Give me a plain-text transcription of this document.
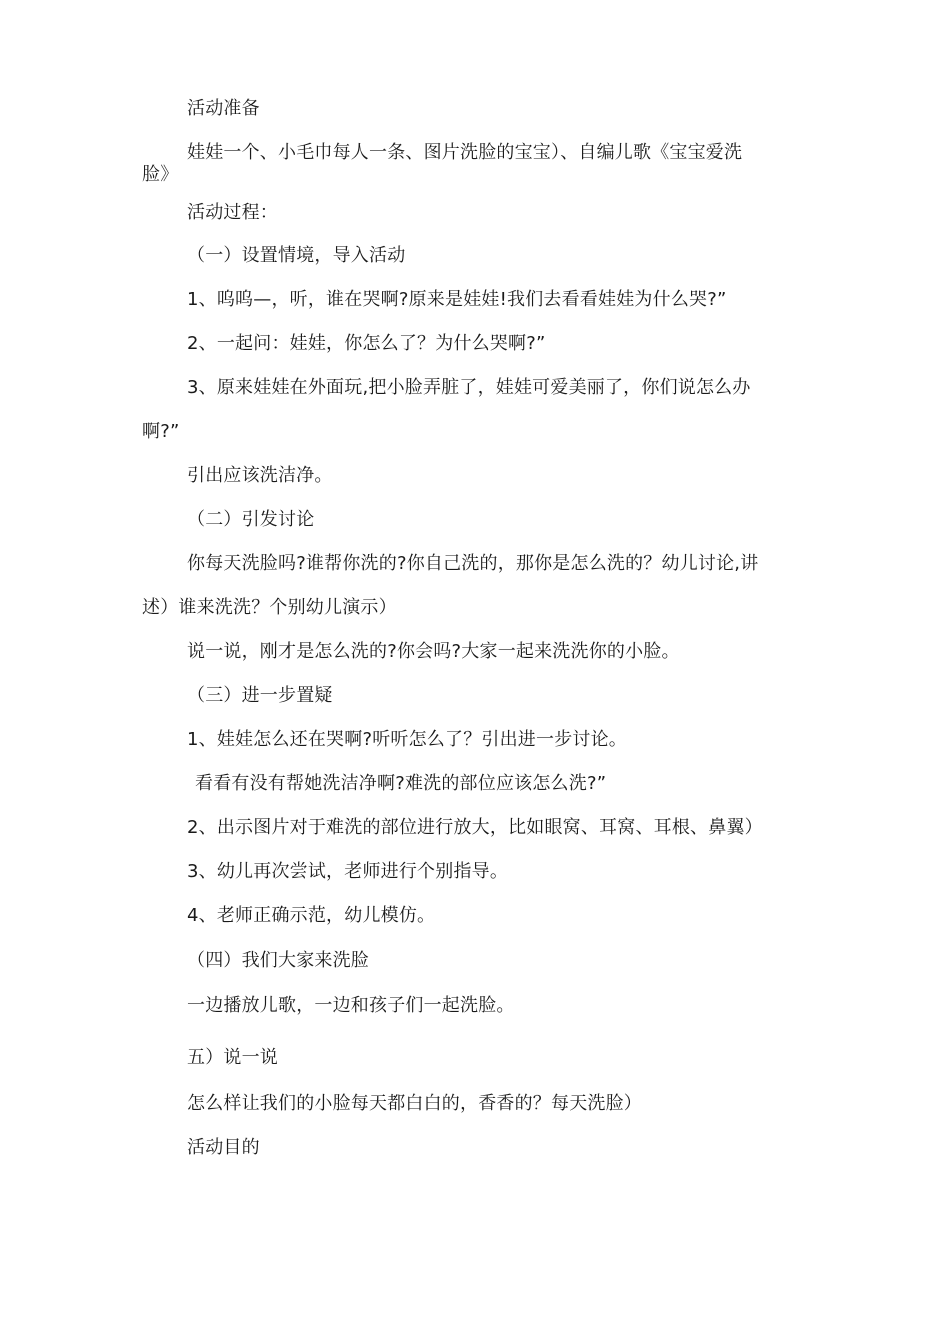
活动准备
娃娃一个、小毛巾每人一条、图片洗脸的宝宝）、自编儿歌《宝宝爱洗
脸》
活动过程：
（一）设置情境，导入活动
1、呜呜—，听，谁在哭啊?原来是娃娃!我们去看看娃娃为什么哭?”
2、一起问：娃娃，你怎么了？为什么哭啊?”
3、原来娃娃在外面玩,把小脸弄脏了，娃娃可爱美丽了，你们说怎么办
啊?”
引出应该洗洁净。
（二）引发讨论
你每天洗脸吗?谁帮你洗的?你自己洗的，那你是怎么洗的？幼儿讨论,讲
述）谁来洗洗？个别幼儿演示）
说一说，刚才是怎么洗的?你会吗?大家一起来洗洗你的小脸。
（三）进一步置疑
1、娃娃怎么还在哭啊?听听怎么了？引出进一步讨论。
看看有没有帮她洗洁净啊?难洗的部位应该怎么洗?”
2、出示图片对于难洗的部位进行放大，比如眼窝、耳窝、耳根、鼻翼）
3、幼儿再次尝试，老师进行个别指导。
4、老师正确示范，幼儿模仿。
（四）我们大家来洗脸
一边播放儿歌，一边和孩子们一起洗脸。
五）说一说
怎么样让我们的小脸每天都白白的，香香的？每天洗脸）
活动目的
